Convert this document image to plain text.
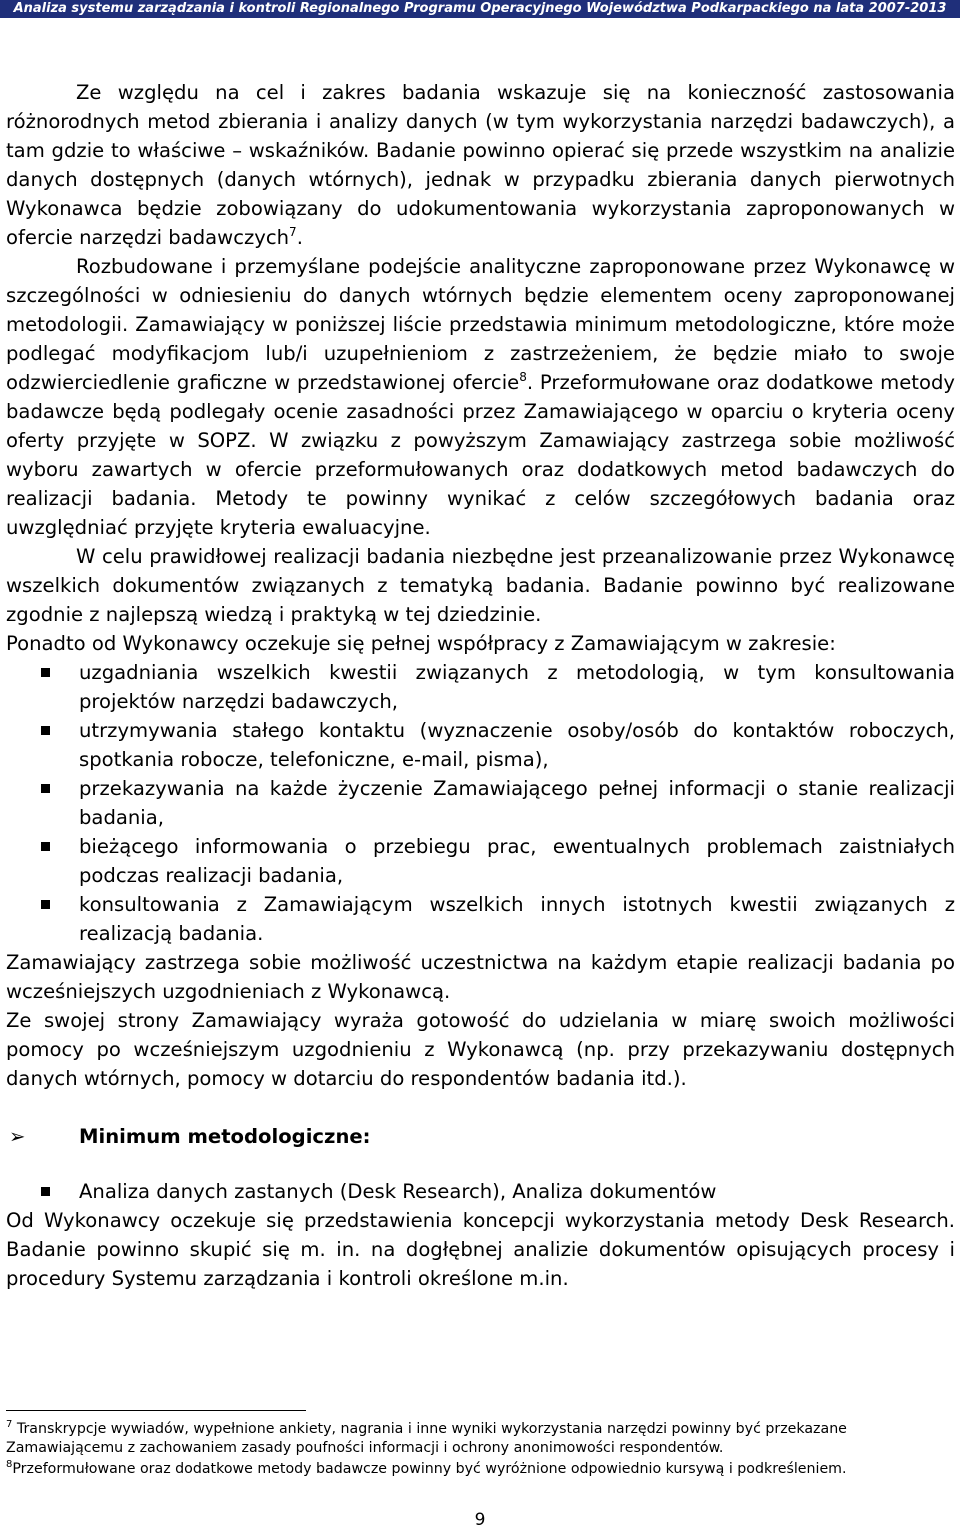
Analiza systemu zarządzania i kontroli Regionalnego Programu Operacyjnego Województwa Podkarpackiego na lata 2007-2013

Ze względu na cel i zakres badania wskazuje się na konieczność zastosowania różnorodnych metod zbierania i analizy danych (w tym wykorzystania narzędzi badawczych), a tam gdzie to właściwe – wskaźników. Badanie powinno opierać się przede wszystkim na analizie danych dostępnych (danych wtórnych), jednak w przypadku zbierania danych pierwotnych Wykonawca będzie zobowiązany do udokumentowania wykorzystania zaproponowanych w ofercie narzędzi badawczych$^7$.

Rozbudowane i przemyślane podejście analityczne zaproponowane przez Wykonawcę w szczególności w odniesieniu do danych wtórnych będzie elementem oceny zaproponowanej metodologii. Zamawiający w poniższej liście przedstawia minimum metodologiczne, które może podlegać modyfikacjom lub/i uzupełnieniom z zastrzeżeniem, że będzie miało to swoje odzwierciedlenie graficzne w przedstawionej ofercie$^8$. Przeformułowane oraz dodatkowe metody badawcze będą podlegały ocenie zasadności przez Zamawiającego w oparciu o kryteria oceny oferty przyjęte w SOPZ. W związku z powyższym Zamawiający zastrzega sobie możliwość wyboru zawartych w ofercie przeformułowanych oraz dodatkowych metod badawczych do realizacji badania. Metody te powinny wynikać z celów szczegółowych badania oraz uwzględniać przyjęte kryteria ewaluacyjne.

W celu prawidłowej realizacji badania niezbędne jest przeanalizowanie przez Wykonawcę wszelkich dokumentów związanych z tematyką badania. Badanie powinno być realizowane zgodnie z najlepszą wiedzą i praktyką w tej dziedzinie.

Ponadto od Wykonawcy oczekuje się pełnej współpracy z Zamawiającym w zakresie:

uzgadniania wszelkich kwestii związanych z metodologią, w tym konsultowania projektów narzędzi badawczych,
utrzymywania stałego kontaktu (wyznaczenie osoby/osób do kontaktów roboczych, spotkania robocze, telefoniczne, e-mail, pisma),
przekazywania na każde życzenie Zamawiającego pełnej informacji o stanie realizacji badania,
bieżącego informowania o przebiegu prac, ewentualnych problemach zaistniałych podczas realizacji badania,
konsultowania z Zamawiającym wszelkich innych istotnych kwestii związanych z realizacją badania.

Zamawiający zastrzega sobie możliwość uczestnictwa na każdym etapie realizacji badania po wcześniejszych uzgodnieniach z Wykonawcą.

Ze swojej strony Zamawiający wyraża gotowość do udzielania w miarę swoich możliwości pomocy po wcześniejszym uzgodnieniu z Wykonawcą (np. przy przekazywaniu dostępnych danych wtórnych, pomocy w dotarciu do respondentów badania itd.).

➢	Minimum metodologiczne:
Analiza danych zastanych (Desk Research), Analiza dokumentów

Od Wykonawcy oczekuje się przedstawienia koncepcji wykorzystania metody Desk Research. Badanie powinno skupić się m. in. na dogłębnej analizie dokumentów opisujących procesy i procedury Systemu zarządzania i kontroli określone m.in.

$^7$ Transkrypcje wywiadów, wypełnione ankiety, nagrania i inne wyniki wykorzystania narzędzi powinny być przekazane Zamawiającemu z zachowaniem zasady poufności informacji i ochrony anonimowości respondentów.

$^8$Przeformułowane oraz dodatkowe metody badawcze powinny być wyróżnione odpowiednio kursywą i podkreśleniem.

9
